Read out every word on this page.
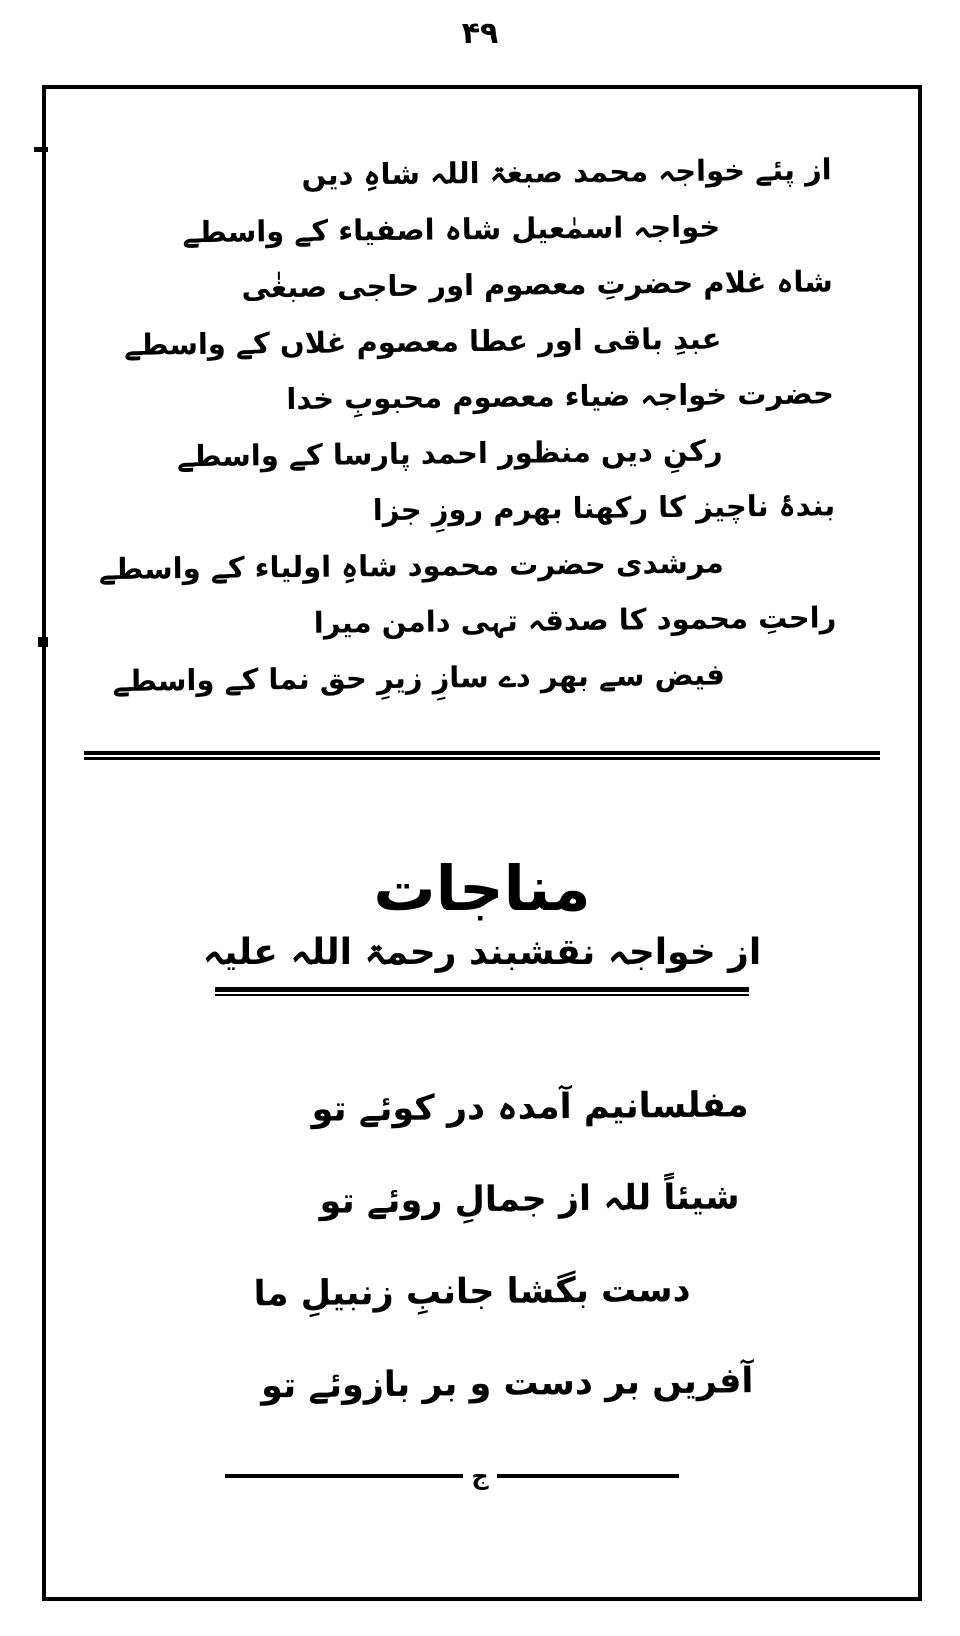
۴۹
از پئے خواجہ محمد صبغۃ اللہ شاہِ دیں
خواجہ اسمٰعیل شاہ اصفیاء کے واسطے
شاہ غلام حضرتِ معصوم اور حاجی صبغٰی
عبدِ باقی اور عطا معصوم غلاں کے واسطے
حضرت خواجہ ضیاء معصوم محبوبِ خدا
رکنِ دیں منظور احمد پارسا کے واسطے
بندۂ ناچیز کا رکھنا بھرم روزِ جزا
مرشدی حضرت محمود شاہِ اولیاء کے واسطے
راحتِ محمود کا صدقہ تہی دامن میرا
فیض سے بھر دے سازِ زیرِ حق نما کے واسطے
مناجات
از خواجہ نقشبند رحمۃ اللہ علیہ
مفلسانیم آمدہ در کوئے تو
شیئاً للہ از جمالِ روئے تو
دست بگشا جانبِ زنبیلِ ما
آفریں بر دست و بر بازوئے تو
ج
